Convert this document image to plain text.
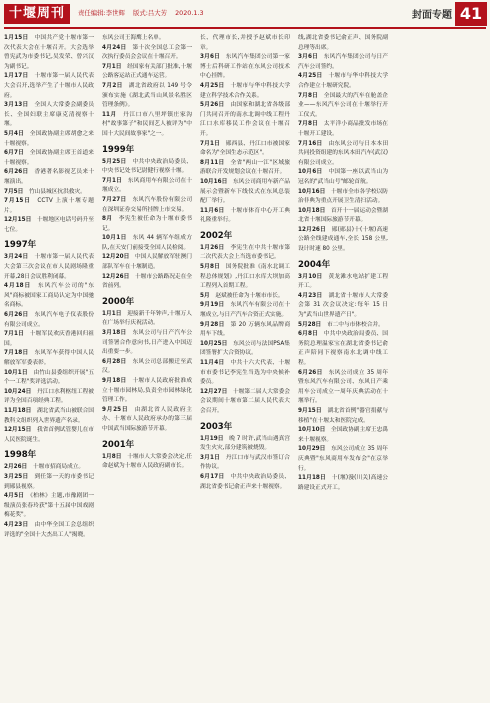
十堰周刊	责任编辑:李世辉 版式:吕大芳 2020.1.3	封面专题 41

1月15日　中国共产党十堰市第一次代表大会在十堰召开。大会选举曾宪武为市委书记,吴发荣、曾兴汉为副书记。

1月17日　十堰市第一届人民代表大会召开,选举产生了十堰市人民政府。

3月13日　全国人大常委会副委员长、全国妇联主席康克清视察十堰。

5月4日　全国政协副主席胡愈之来十堰视察。

6月7日　全国政协副主席王首道来十堰视察。

6月26日　香港著名影视艺员来十堰演出。

7月5日　竹山县城区抗洪救灾。

7月15日　CCTV 上演十堰专题片。

12月15日　十堰地区电话号码升至七位。

1997年

3月24日　十堰市第一届人民代表大会第三次会议在市人民剧场隆重开幕,28日会议胜利闭幕。

4月18日　东风汽车公司的"东风"商标被国家工商局认定为中国驰名商标。

6月26日　东风汽车电子仪表股份有限公司成立。

7月1日　十堰军民欢庆香港回归祖国。

7月18日　东风军车获得中国人民解放军军委表彰。

10月1日　由竹山县委组织开展"五个一工程"奖评选活动。

10月24日　丹江口水利枢纽工程被评为全国百项经典工程。

11月18日　湖北省武当山被联合国教科文组织列入世界遗产名录。

12月15日　我省首例试管婴儿在市人民医院诞生。

1998年

2月26日　十堰市招商局成立。

3月25日　到任第一天的市委书记到郧县视察。

4月5日　《柏林》主题,市豫剧团一级演员张春玲获"第十五届中国戏剧梅花奖"。

4月23日　由中华全国工会总组织评选的"全国十大杰出工人"揭晓。

东风公司王海鹰上名单。

4月24日　第十次全国总工会第一次执行委员会会议在十堰召开。

7月1日　经国家有关部门批准,十堰公路客运站正式通车运营。

7月2日　湖北省政府以 149 号令颁布实施《湖北武当山风景名胜区管理条例》。

11月　丹江口市八里坪镇庄家沟村"故事第子"和民间艺人被评为"中国十大民间故事家"之一。

1999年

5月25日　中共中央政治局委员、中央书记处书记尉健行视察十堰。

7月1日　东风商用车有限公司在十堰成立。

7月27日　东风汽车股份有限公司在深圳证券交易所挂牌上市交易。

8月　李宪生被任命为十堰市委书记。

10月1日　东风 44 辆军车组成方队,在天安门前接受全国人民检阅。

12月20日　中国人民解放军驻澳门部队军车在十堰制造。

12月26日　十堰市公路路况走在全省前列。

2000年

1月1日　迎接新千年钟声,十堰万人在广场举行庆祝活动。

3月18日　东风公司与日产汽车公司签署合作意向书,日产进入中国迈出重要一步。

6月28日　东风公司总部搬迁至武汉。

9月18日　十堰市人民政府批准成立十堰市园林局,负责全市园林绿化管理工作。

9月25日　由湖北省人民政府主办、十堰市人民政府承办的第三届中国武当国际旅游节开幕。

2001年

1月8日　十堰市人大常委会决定,任命赵斌为十堰市人民政府副市长。

长、代理市长,并授予赵斌市长印章。

3月6日　东风汽车集团公司第一家博士后科研工作站在东风公司技术中心挂牌。

4月25日　十堰市与华中科技大学建立科学技术合作关系。

5月26日　由国家和湖北省各级部门共同召开的南水北调中线工程丹江口水库移民工作会议在十堰召开。

7月1日　郧西县、丹江口市被国家命名为"全国生态示范区"。

8月11日　全省"两山一江"区域旅游联合开发规划会议在十堰召开。

10月16日　东风公司商用车新产品展示会暨新车下线仪式在东风总装配厂举行。

11月6日　十堰市体育中心开工典礼隆重举行。

2002年

1月26日　李宪生在中共十堰市第二次代表大会上当选市委书记。

5月8日　国务院批准《南水北调工程总体规划》,丹江口水库大坝加高工程列入首期工程。

5月　赵斌被任命为十堰市市长。

9月19日　东风汽车有限公司在十堰成立,与日产汽车合资正式实施。

9月28日　第 20 万辆东风品牌商用车下线。

10月25日　东风公司与法国PSA集团签署扩大合资协议。

11月4日　中共十六大代表、十堰市市委书记李宪生当选为中央候补委员。

12月27日　十堰第二届人大常委会会议期间十堰市第二届人民代表大会召开。

2003年

1月19日　晚 7 时许,武当山遇真宫发生火灾,部分建筑被烧毁。

3月1日　丹江口市与武汉市签订合作协议。

6月17日　中共中央政治局委员、湖北省委书记俞正声来十堰视察。

线,湖北省委书记俞正声、国务院副总理等出席。

3月6日　东风汽车集团公司与日产汽车公司签约。

4月25日　十堰市与华中科技大学合作建立十堰研究院。

7月8日　全国最大的汽车在舱盖企业——东风汽车公司在十堰举行开工仪式。

7月8日　太平洋小商品批发市场在十堰开工建设。

7月16日　由东风公司与日本本田共同投资组建的东风本田汽车(武汉)有限公司成立。

10月6日　中国第一座以武当山为冠名的"武当山号"邮轮首航。

10月16日　十堰市全市各学校以防治非典为重点开展卫生清扫活动。

10月18日　首开十一届运动会暨湖北省十堰国际旅游节开幕。

12月26日　郧(郧县)十(十堰)高速公路全线建成通车,全长 158 公里,设计时速 80 公里。

2004年

3月10日　黄龙滩水电站扩建工程开工。

4月23日　湖北省十堰市人大常委会第 31 次会议决定:每年 15 日为"武当山世界遗产日"。

5月28日　市二中与市体校合并。

6月8日　中共中央政治局委员、国务院总理温家宝在湖北省委书记俞正声陪同下视察南水北调中线工程。

6月26日　东风公司成立 35 周年暨东风汽车有限公司、东风日产乘用车公司成立一周年庆典活动在十堰举行。

9月15日　湖北省首例"器官捐献与移植"在十堰太和医院完成。

10月10日　全国政协副主席王忠禹来十堰视察。

10月29日　东风公司成立 35 周年庆典暨"东风商用车发布会"在京举行。

11月18日　十(堰)漫(川关)高速公路建设正式开工。
